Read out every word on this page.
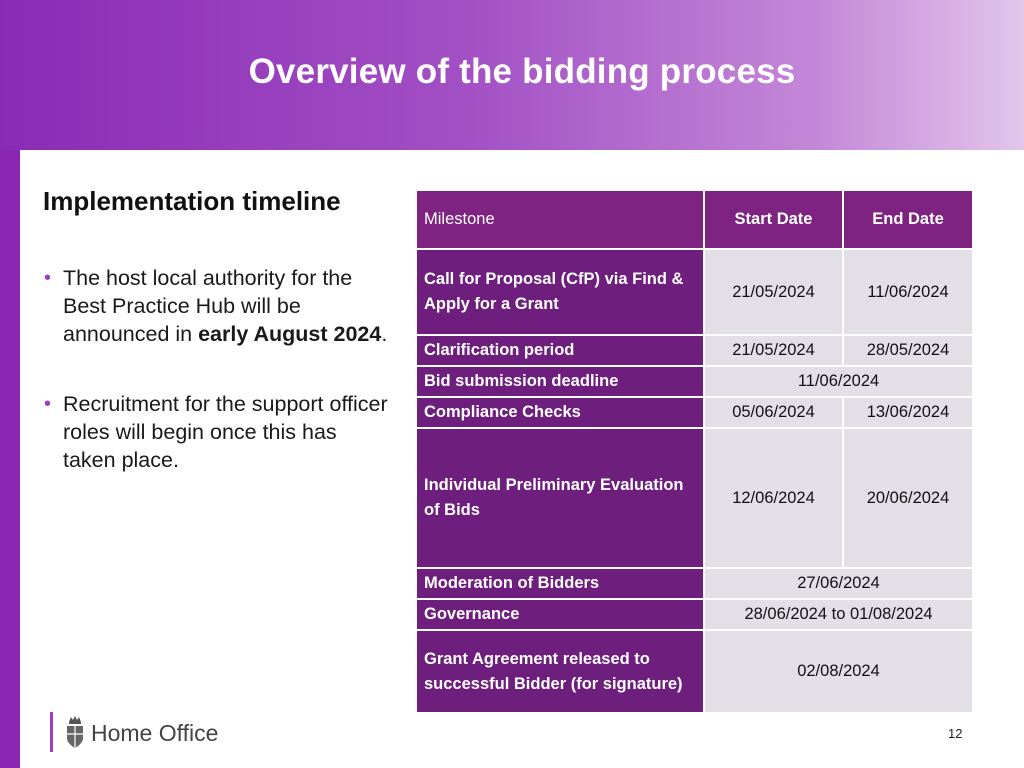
Overview of the bidding process
Implementation timeline
• The host local authority for the Best Practice Hub will be announced in early August 2024.
• Recruitment for the support officer roles will begin once this has taken place.
Milestone	Start Date	End Date
Call for Proposal (CfP) via Find & Apply for a Grant	21/05/2024	11/06/2024
Clarification period	21/05/2024	28/05/2024
Bid submission deadline	11/06/2024	
Compliance Checks	05/06/2024	13/06/2024
Individual Preliminary Evaluation of Bids	12/06/2024	20/06/2024
Moderation of Bidders	27/06/2024	
Governance	28/06/2024 to 01/08/2024	
Grant Agreement released to successful Bidder (for signature)	02/08/2024	
Home Office	12
